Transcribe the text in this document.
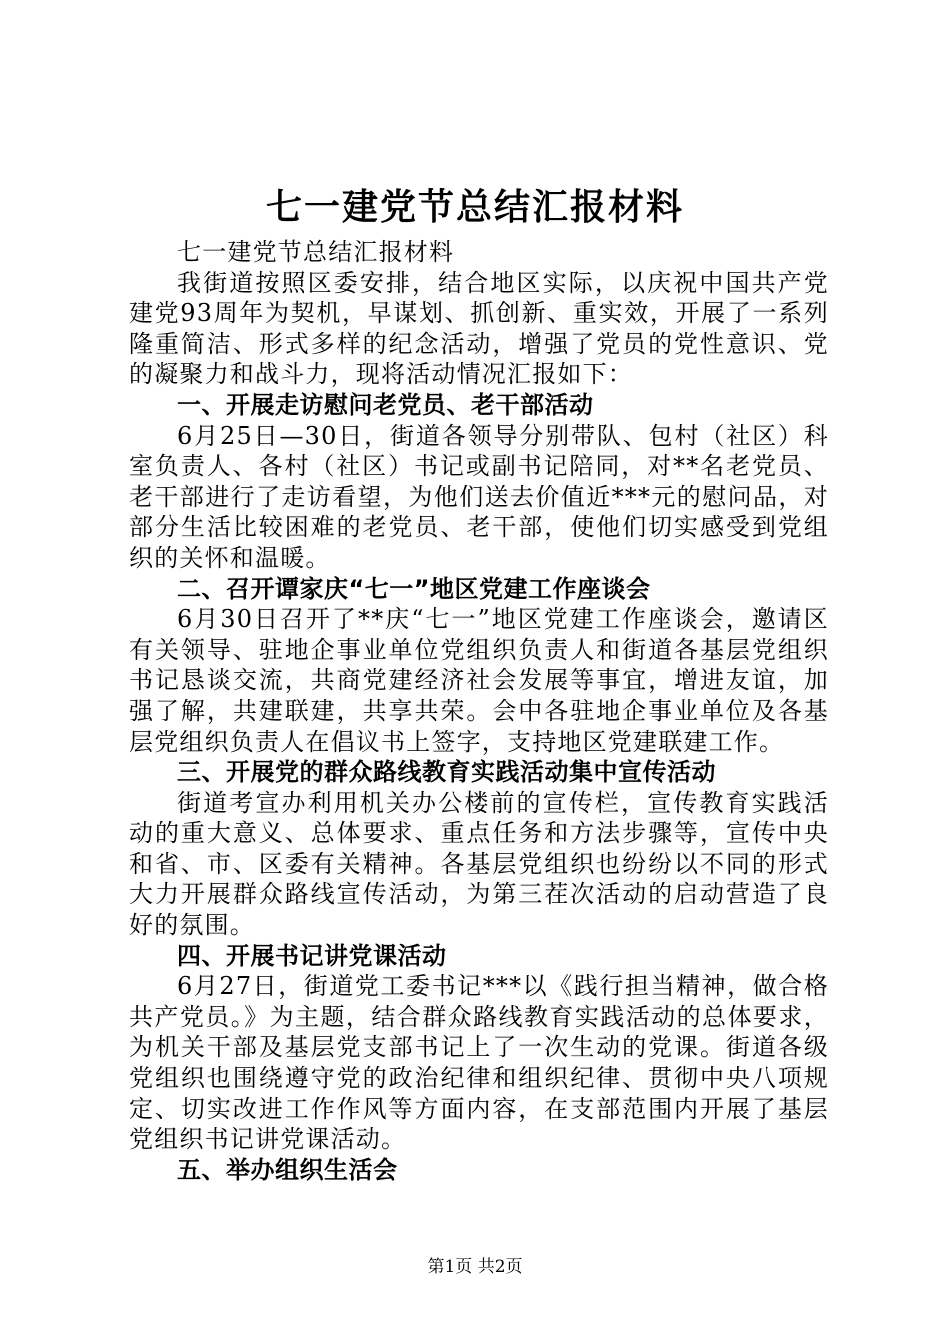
七一建党节总结汇报材料

七一建党节总结汇报材料

我街道按照区委安排，结合地区实际，以庆祝中国共产党建党93周年为契机，早谋划、抓创新、重实效，开展了一系列隆重简洁、形式多样的纪念活动，增强了党员的党性意识、党的凝聚力和战斗力，现将活动情况汇报如下：

一、开展走访慰问老党员、老干部活动

6月25日—30日，街道各领导分别带队、包村（社区）科室负责人、各村（社区）书记或副书记陪同，对**名老党员、老干部进行了走访看望，为他们送去价值近***元的慰问品，对部分生活比较困难的老党员、老干部，使他们切实感受到党组织的关怀和温暖。

二、召开谭家庆“七一”地区党建工作座谈会

6月30日召开了**庆“七一”地区党建工作座谈会，邀请区有关领导、驻地企事业单位党组织负责人和街道各基层党组织书记恳谈交流，共商党建经济社会发展等事宜，增进友谊，加强了解，共建联建，共享共荣。会中各驻地企事业单位及各基层党组织负责人在倡议书上签字，支持地区党建联建工作。

三、开展党的群众路线教育实践活动集中宣传活动

街道考宣办利用机关办公楼前的宣传栏，宣传教育实践活动的重大意义、总体要求、重点任务和方法步骤等，宣传中央和省、市、区委有关精神。各基层党组织也纷纷以不同的形式大力开展群众路线宣传活动，为第三茬次活动的启动营造了良好的氛围。

四、开展书记讲党课活动

6月27日，街道党工委书记***以《践行担当精神，做合格共产党员。》为主题，结合群众路线教育实践活动的总体要求，为机关干部及基层党支部书记上了一次生动的党课。街道各级党组织也围绕遵守党的政治纪律和组织纪律、贯彻中央八项规定、切实改进工作作风等方面内容，在支部范围内开展了基层党组织书记讲党课活动。

五、举办组织生活会

第1页 共2页
